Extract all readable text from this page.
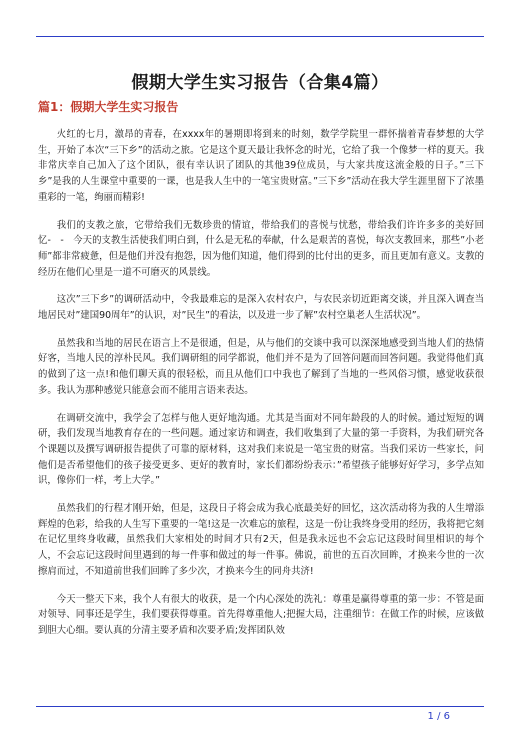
假期大学生实习报告（合集4篇）
篇1：假期大学生实习报告

火红的七月，激昂的青春，在xxxx年的暑期即将到来的时刻，数学学院里一群怀揣着青春梦想的大学生，开始了本次“三下乡”的活动之旅。它是这个夏天最让我怀念的时光，它给了我一个像梦一样的夏天。我非常庆幸自己加入了这个团队，很有幸认识了团队的其他39位成员，与大家共度这流金般的日子。”三下乡”是我的人生课堂中重要的一课，也是我人生中的一笔宝贵财富。”三下乡”活动在我大学生涯里留下了浓墨重彩的一笔，绚丽而精彩!

我们的支教之旅，它带给我们无数珍贵的情谊，带给我们的喜悦与忧愁，带给我们许许多多的美好回忆-　-　今天的支教生活使我们明白到，什么是无私的奉献，什么是艰苦的喜悦，每次支教回来，那些”小老师”都非常疲惫，但是他们并没有抱怨，因为他们知道，他们得到的比付出的更多，而且更加有意义。支教的经历在他们心里是一道不可磨灭的风景线。

这次”三下乡”的调研活动中，令我最难忘的是深入农村农户，与农民亲切近距离交谈，并且深入调查当地居民对”建国90周年”的认识，对”民生”的看法，以及进一步了解”农村空巢老人生活状况”。

虽然我和当地的居民在语言上不是很通，但是，从与他们的交谈中我可以深深地感受到当地人们的热情好客，当地人民的淳朴民风。我们调研组的同学都说，他们并不是为了回答问题而回答问题。我觉得他们真的做到了这一点!和他们聊天真的很轻松，而且从他们口中我也了解到了当地的一些风俗习惯，感觉收获很多。我认为那种感觉只能意会而不能用言语来表达。

在调研交流中，我学会了怎样与他人更好地沟通。尤其是当面对不同年龄段的人的时候。通过短短的调研，我们发现当地教育存在的一些问题。通过家访和调查，我们收集到了大量的第一手资料，为我们研究各个课题以及撰写调研报告提供了可靠的原材料，这对我们来说是一笔宝贵的财富。当我们采访一些家长，问他们是否希望他们的孩子接受更多、更好的教育时，家长们都纷纷表示：”希望孩子能够好好学习，多学点知识，像你们一样，考上大学。”

虽然我们的行程才刚开始，但是，这段日子将会成为我心底最美好的回忆，这次活动将为我的人生增添辉煌的色彩，给我的人生写下重要的一笔!这是一次难忘的旅程，这是一份让我终身受用的经历，我将把它刻在记忆里终身收藏，虽然我们大家相处的时间才只有2天，但是我永远也不会忘记这段时间里相识的每个人，不会忘记这段时间里遇到的每一件事和做过的每一件事。佛说，前世的五百次回眸，才换来今世的一次擦肩而过，不知道前世我们回眸了多少次，才换来今生的同舟共济!

今天一整天下来，我个人有很大的收获，是一个内心深处的洗礼：尊重是赢得尊重的第一步：不管是面对领导、同事还是学生，我们要获得尊重。首先得尊重他人;把握大局，注重细节：在做工作的时候，应该做到胆大心细。要认真的分清主要矛盾和次要矛盾;发挥团队效

1 / 6
